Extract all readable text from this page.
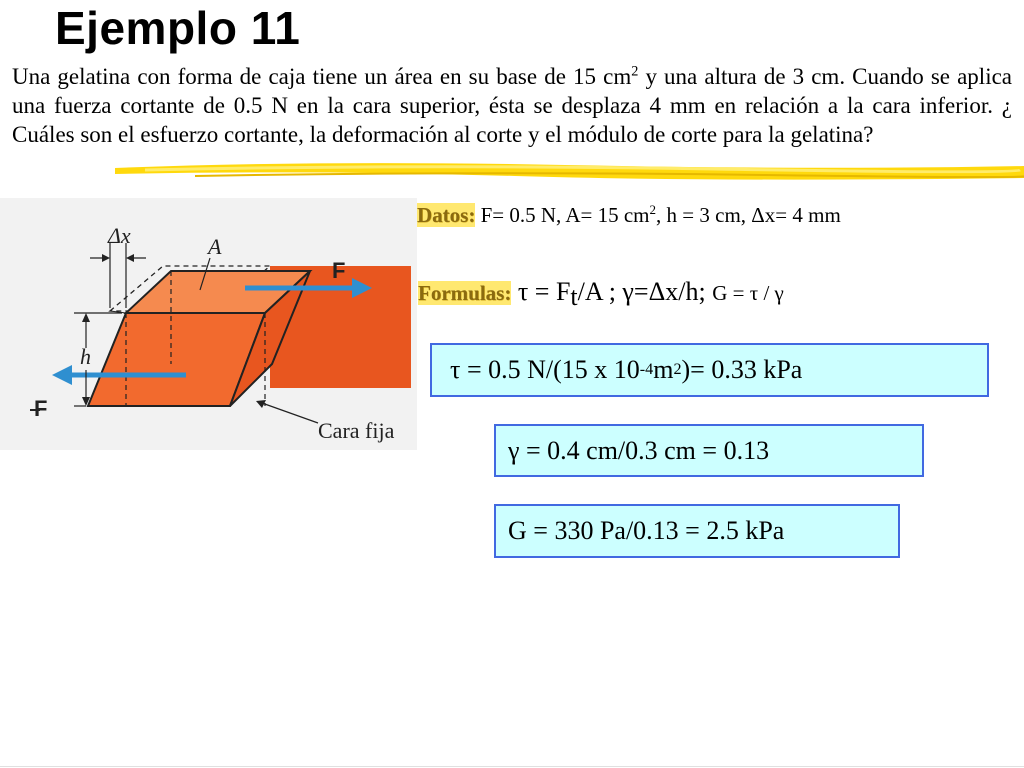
Ejemplo 11

Una gelatina con forma de caja tiene un área en su base de 15 $cm^2$ y una altura de 3 cm. Cuando se aplica una fuerza cortante de 0.5 N en la cara superior, ésta se desplaza 4 mm en relación a la cara inferior. ¿ Cuáles son el esfuerzo cortante, la deformación al corte y el módulo de corte para la gelatina?

Δx	A
F
F
h
Cara fija

Datos: F= 0.5 N, A= 15 $cm^2$, h = 3 cm, Δx= 4 mm

Formulas: $\tau = F_t/A$ ; γ=Δx/h; G = τ / γ

τ = 0.5 N/(15 x 10 -4 m 2 )= 0.33 kPa
γ = 0.4 cm/0.3 cm = 0.13
G = 330 Pa/0.13 = 2.5 kPa
